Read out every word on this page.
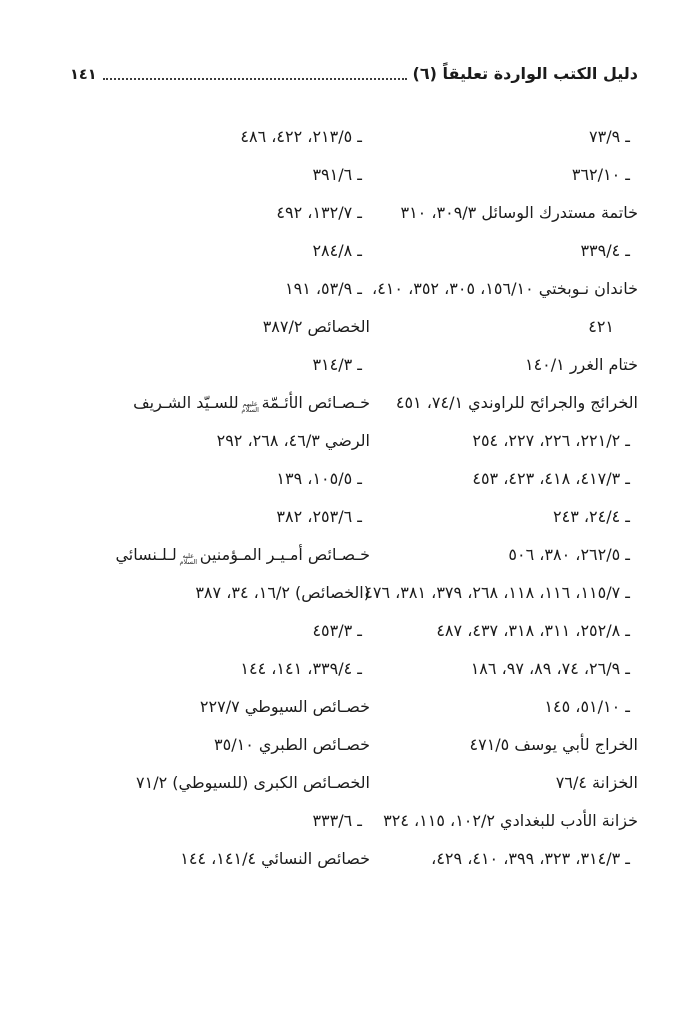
دليل الكتب الواردة تعليقاً (٦)
١٤١
ـ ٧٣/٩
ـ ٣٦٢/١٠
خاتمة مستدرك الوسائل ٣٠٩/٣، ٣١٠
ـ ٣٣٩/٤
خاندان نـوبختي ١٥٦/١٠، ٣٠٥، ٣٥٢، ٤١٠،
٤٢١
ختام الغرر ١٤٠/١
الخرائج والجرائح للراوندي ٧٤/١، ٤٥١
ـ ٢٢١/٢، ٢٢٦، ٢٢٧، ٢٥٤
ـ ٤١٧/٣، ٤١٨، ٤٢٣، ٤٥٣
ـ ٢٤/٤، ٢٤٣
ـ ٢٦٢/٥، ٣٨٠، ٥٠٦
ـ ١١٥/٧، ١١٦، ١١٨، ٢٦٨، ٣٧٩، ٣٨١، ٤٧٦
ـ ٢٥٢/٨، ٣١١، ٣١٨، ٤٣٧، ٤٨٧
ـ ٢٦/٩، ٧٤، ٨٩، ٩٧، ١٨٦
ـ ٥١/١٠، ١٤٥
الخراج لأبي يوسف ٤٧١/٥
الخزانة ٧٦/٤
خزانة الأدب للبغدادي ١٠٢/٢، ١١٥، ٣٢٤
ـ ٣١٤/٣، ٣٢٣، ٣٩٩، ٤١٠، ٤٢٩،
ـ ٢١٣/٥، ٤٢٢، ٤٨٦
ـ ٣٩١/٦
ـ ١٣٢/٧، ٤٩٢
ـ ٢٨٤/٨
ـ ٥٣/٩، ١٩١
الخصائص ٣٨٧/٢
ـ ٣١٤/٣
خـصـائص الأئـمّةعليهم السلامللسـيّد الشـريف
الرضي ٤٦/٣، ٢٦٨، ٢٩٢
ـ ١٠٥/٥، ١٣٩
ـ ٢٥٣/٦، ٣٨٢
خـصـائص أمـيـر المـؤمنينعليه السلاملـلـنسائي
(الخصائص) ١٦/٢، ٣٤، ٣٨٧
ـ ٤٥٣/٣
ـ ٣٣٩/٤، ١٤١، ١٤٤
خصـائص السيوطي ٢٢٧/٧
خصـائص الطبري ٣٥/١٠
الخصـائص الكبرى (للسيوطي) ٧١/٢
ـ ٣٣٣/٦
خصائص النسائي ١٤١/٤، ١٤٤
